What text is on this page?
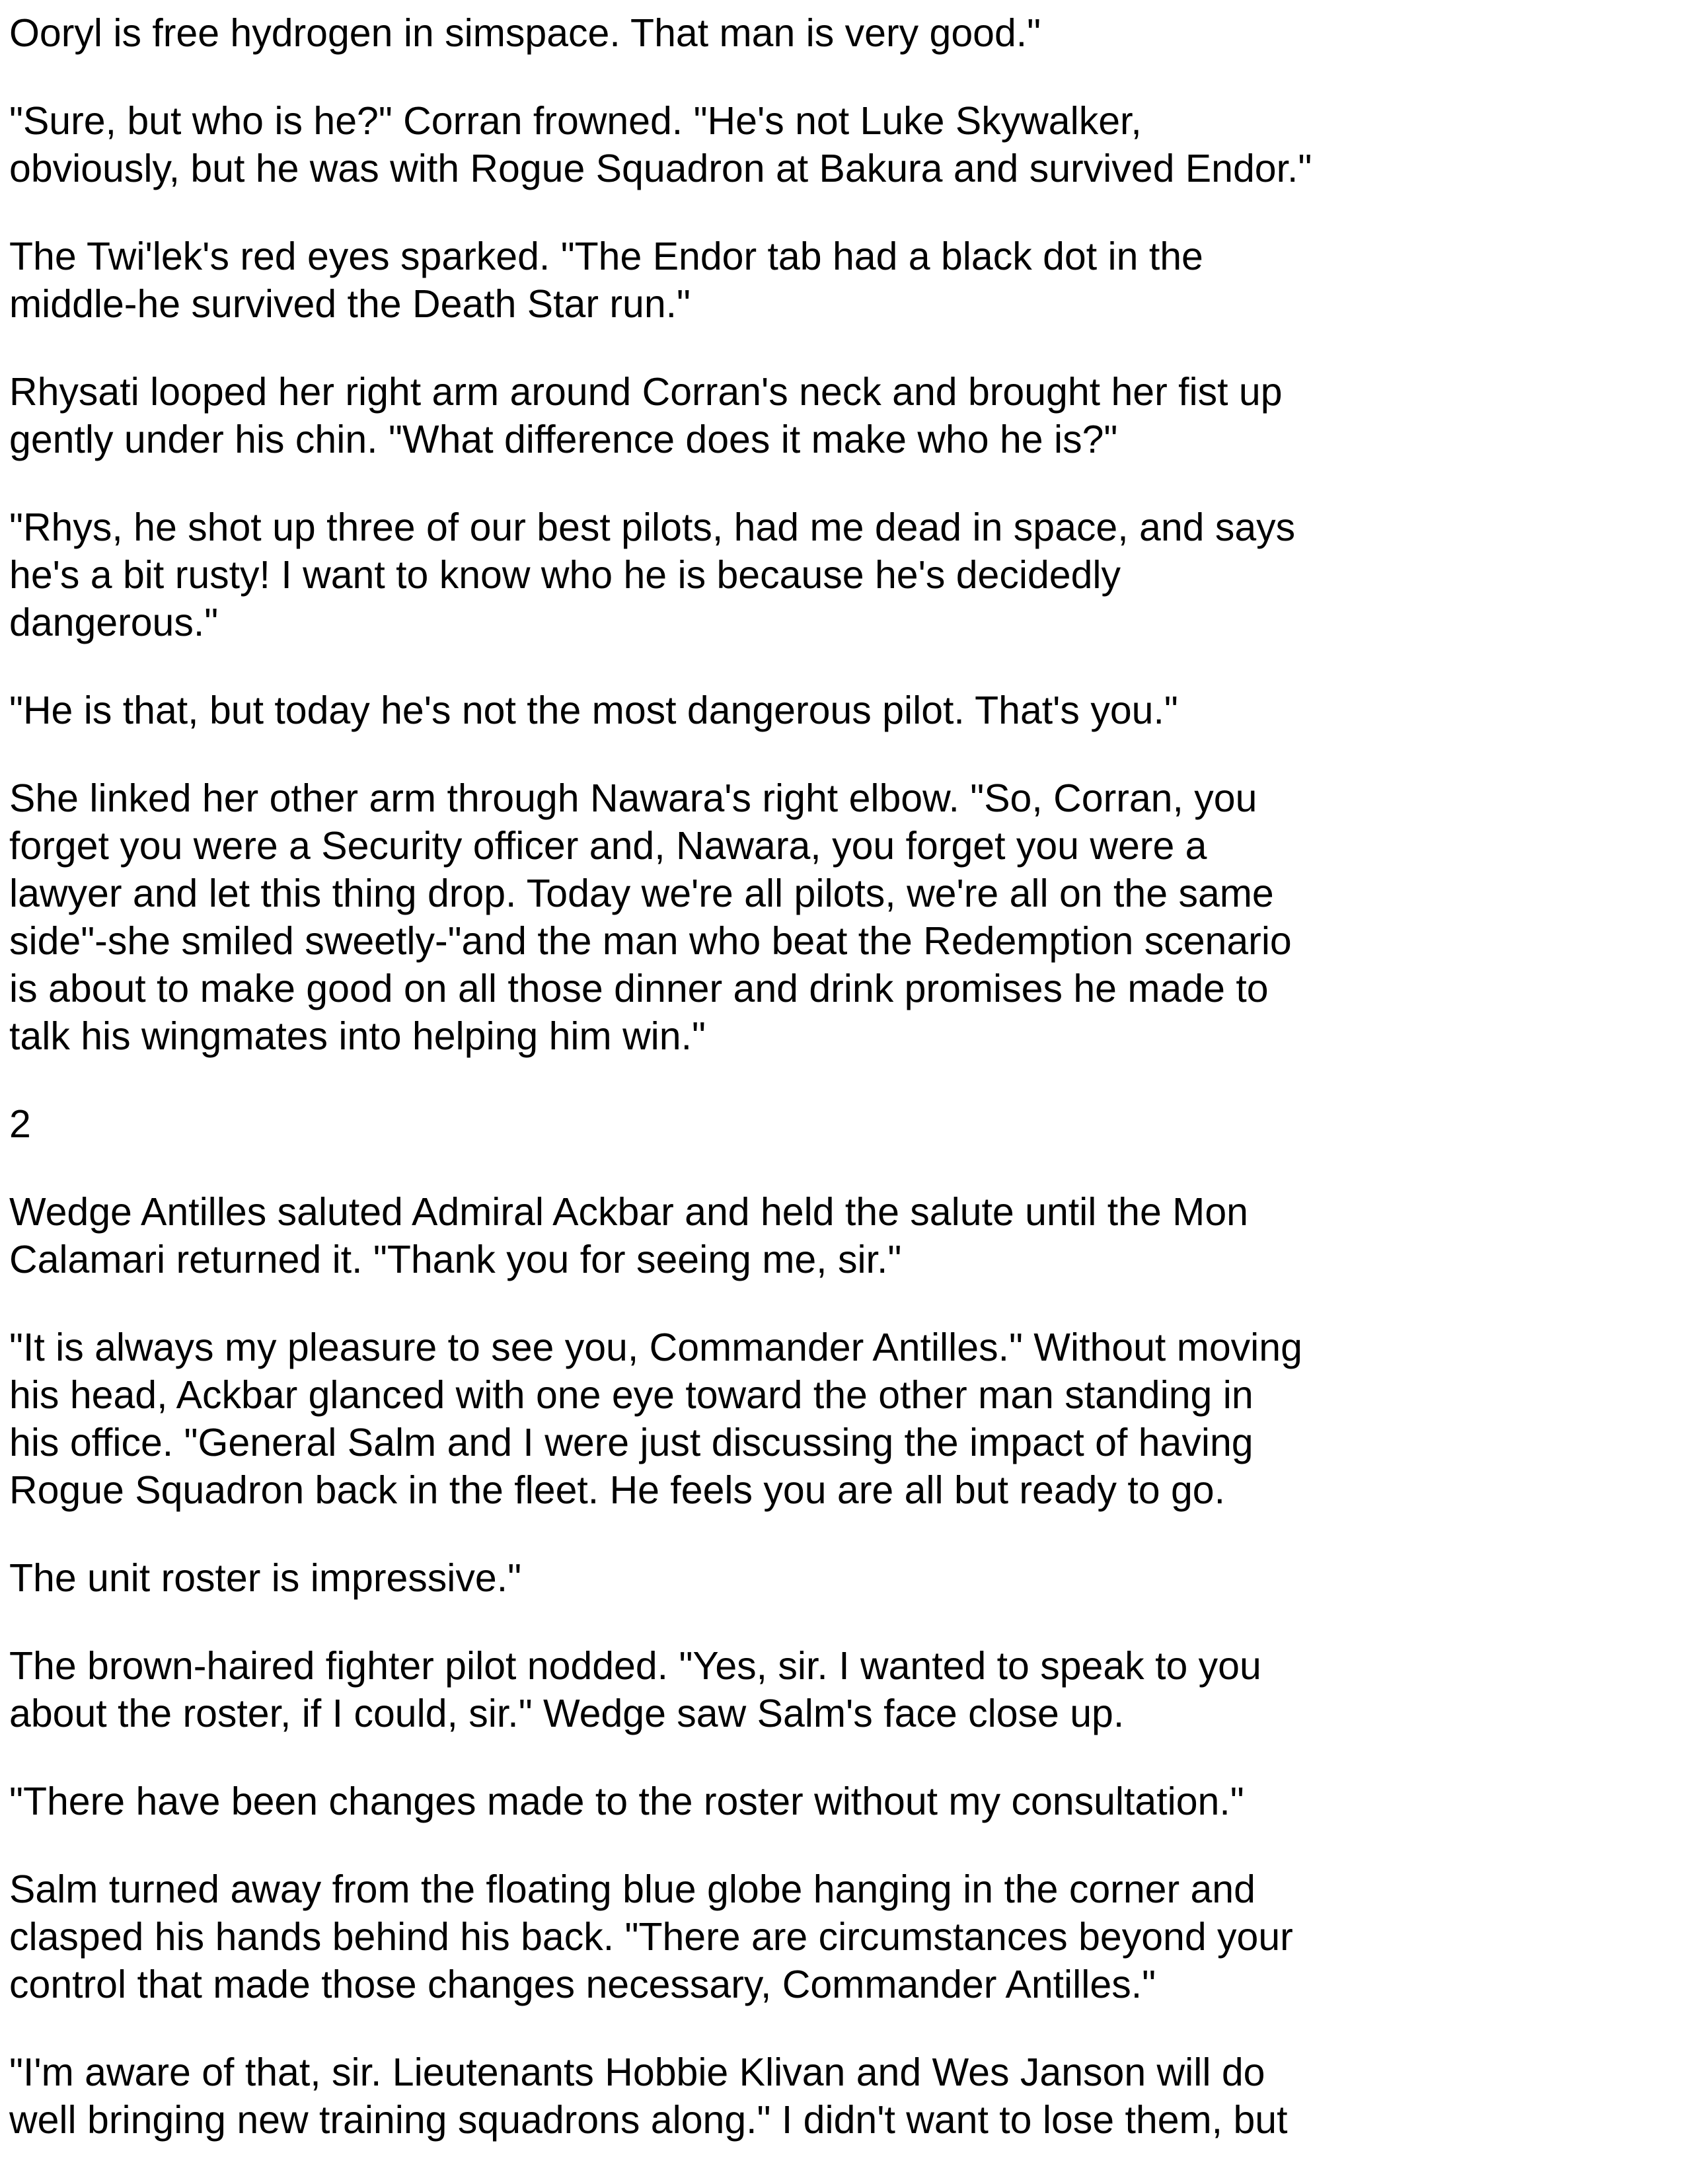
Ooryl is free hydrogen in simspace. That man is very good."

"Sure, but who is he?" Corran frowned. "He's not Luke Skywalker,
obviously, but he was with Rogue Squadron at Bakura and survived Endor."

The Twi'lek's red eyes sparked. "The Endor tab had a black dot in the
middle-he survived the Death Star run."

Rhysati looped her right arm around Corran's neck and brought her fist up
gently under his chin. "What difference does it make who he is?"

"Rhys, he shot up three of our best pilots, had me dead in space, and says
he's a bit rusty! I want to know who he is because he's decidedly
dangerous."

"He is that, but today he's not the most dangerous pilot. That's you."

She linked her other arm through Nawara's right elbow. "So, Corran, you
forget you were a Security officer and, Nawara, you forget you were a
lawyer and let this thing drop. Today we're all pilots, we're all on the same
side"-she smiled sweetly-"and the man who beat the Redemption scenario
is about to make good on all those dinner and drink promises he made to
talk his wingmates into helping him win."

2

Wedge Antilles saluted Admiral Ackbar and held the salute until the Mon
Calamari returned it. "Thank you for seeing me, sir."

"It is always my pleasure to see you, Commander Antilles." Without moving
his head, Ackbar glanced with one eye toward the other man standing in
his office. "General Salm and I were just discussing the impact of having
Rogue Squadron back in the fleet. He feels you are all but ready to go.

The unit roster is impressive."

The brown-haired fighter pilot nodded. "Yes, sir. I wanted to speak to you
about the roster, if I could, sir." Wedge saw Salm's face close up.

"There have been changes made to the roster without my consultation."

Salm turned away from the floating blue globe hanging in the corner and
clasped his hands behind his back. "There are circumstances beyond your
control that made those changes necessary, Commander Antilles."

"I'm aware of that, sir. Lieutenants Hobbie Klivan and Wes Janson will do
well bringing new training squadrons along." I didn't want to lose them, but
